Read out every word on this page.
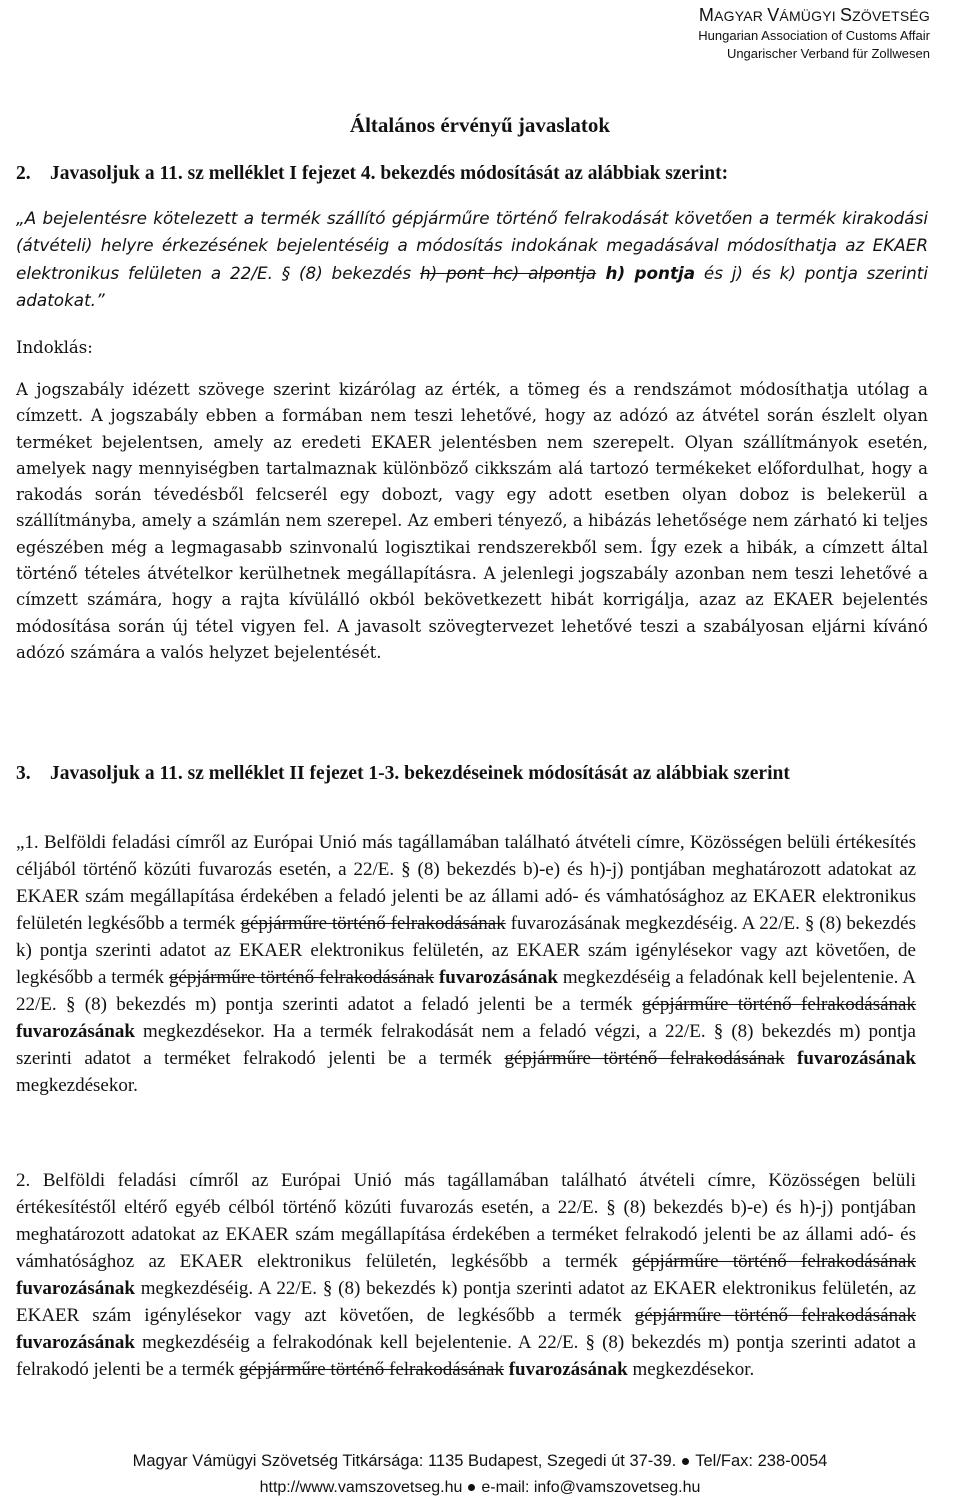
MAGYAR VÁMÜGYI SZÖVETSÉG
Hungarian Association of Customs Affair
Ungarischer Verband für Zollwesen
Általános érvényű javaslatok
2. Javasoljuk a 11. sz melléklet I fejezet 4. bekezdés módosítását az alábbiak szerint:
„A bejelentésre kötelezett a termék szállító gépjárműre történő felrakodását követően a termék kirakodási (átvételi) helyre érkezésének bejelentéséig a módosítás indokának megadásával módosíthatja az EKAER elektronikus felületen a 22/E. § (8) bekezdés h) pont hc) alpontja h) pontja és j) és k) pontja szerinti adatokat.”
Indoklás:
A jogszabály idézett szövege szerint kizárólag az érték, a tömeg és a rendszámot módosíthatja utólag a címzett. A jogszabály ebben a formában nem teszi lehetővé, hogy az adózó az átvétel során észlelt olyan terméket bejelentsen, amely az eredeti EKAER jelentésben nem szerepelt. Olyan szállítmányok esetén, amelyek nagy mennyiségben tartalmaznak különböző cikkszám alá tartozó termékeket előfordulhat, hogy a rakodás során tévedésből felcserél egy dobozt, vagy egy adott esetben olyan doboz is belekerül a szállítmányba, amely a számlán nem szerepel. Az emberi tényező, a hibázás lehetősége nem zárható ki teljes egészében még a legmagasabb szinvonalú logisztikai rendszerekből sem. Így ezek a hibák, a címzett által történő tételes átvételkor kerülhetnek megállapításra. A jelenlegi jogszabály azonban nem teszi lehetővé a címzett számára, hogy a rajta kívülálló okból bekövetkezett hibát korrigálja, azaz az EKAER bejelentés módosítása során új tétel vigyen fel. A javasolt szövegtervezet lehetővé teszi a szabályosan eljárni kívánó adózó számára a valós helyzet bejelentését.
3. Javasoljuk a 11. sz melléklet II fejezet 1-3. bekezdéseinek módosítását az alábbiak szerint
„1. Belföldi feladási címről az Európai Unió más tagállamában található átvételi címre, Közösségen belüli értékesítés céljából történő közúti fuvarozás esetén, a 22/E. § (8) bekezdés b)-e) és h)-j) pontjában meghatározott adatokat az EKAER szám megállapítása érdekében a feladó jelenti be az állami adó- és vámhatósághoz az EKAER elektronikus felületén legkésőbb a termék gépjárműre történő felrakodásának fuvarozásának megkezdéséig. A 22/E. § (8) bekezdés k) pontja szerinti adatot az EKAER elektronikus felületén, az EKAER szám igénylésekor vagy azt követően, de legkésőbb a termék gépjárműre történő felrakodásának fuvarozásának megkezdéséig a feladónak kell bejelentenie. A 22/E. § (8) bekezdés m) pontja szerinti adatot a feladó jelenti be a termék gépjárműre történő felrakodásának fuvarozásának megkezdésekor. Ha a termék felrakodását nem a feladó végzi, a 22/E. § (8) bekezdés m) pontja szerinti adatot a terméket felrakodó jelenti be a termék gépjárműre történő felrakodásának fuvarozásának megkezdésekor.
2. Belföldi feladási címről az Európai Unió más tagállamában található átvételi címre, Közösségen belüli értékesítéstől eltérő egyéb célból történő közúti fuvarozás esetén, a 22/E. § (8) bekezdés b)-e) és h)-j) pontjában meghatározott adatokat az EKAER szám megállapítása érdekében a terméket felrakodó jelenti be az állami adó- és vámhatósághoz az EKAER elektronikus felületén, legkésőbb a termék gépjárműre történő felrakodásának fuvarozásának megkezdéséig. A 22/E. § (8) bekezdés k) pontja szerinti adatot az EKAER elektronikus felületén, az EKAER szám igénylésekor vagy azt követően, de legkésőbb a termék gépjárműre történő felrakodásának fuvarozásának megkezdéséig a felrakodónak kell bejelentenie. A 22/E. § (8) bekezdés m) pontja szerinti adatot a felrakodó jelenti be a termék gépjárműre történő felrakodásának fuvarozásának megkezdésekor.
Magyar Vámügyi Szövetség Titkársága: 1135 Budapest, Szegedi út 37-39. Tel/Fax: 238-0054
http://www.vamszovetseg.hu e-mail: info@vamszovetseg.hu
